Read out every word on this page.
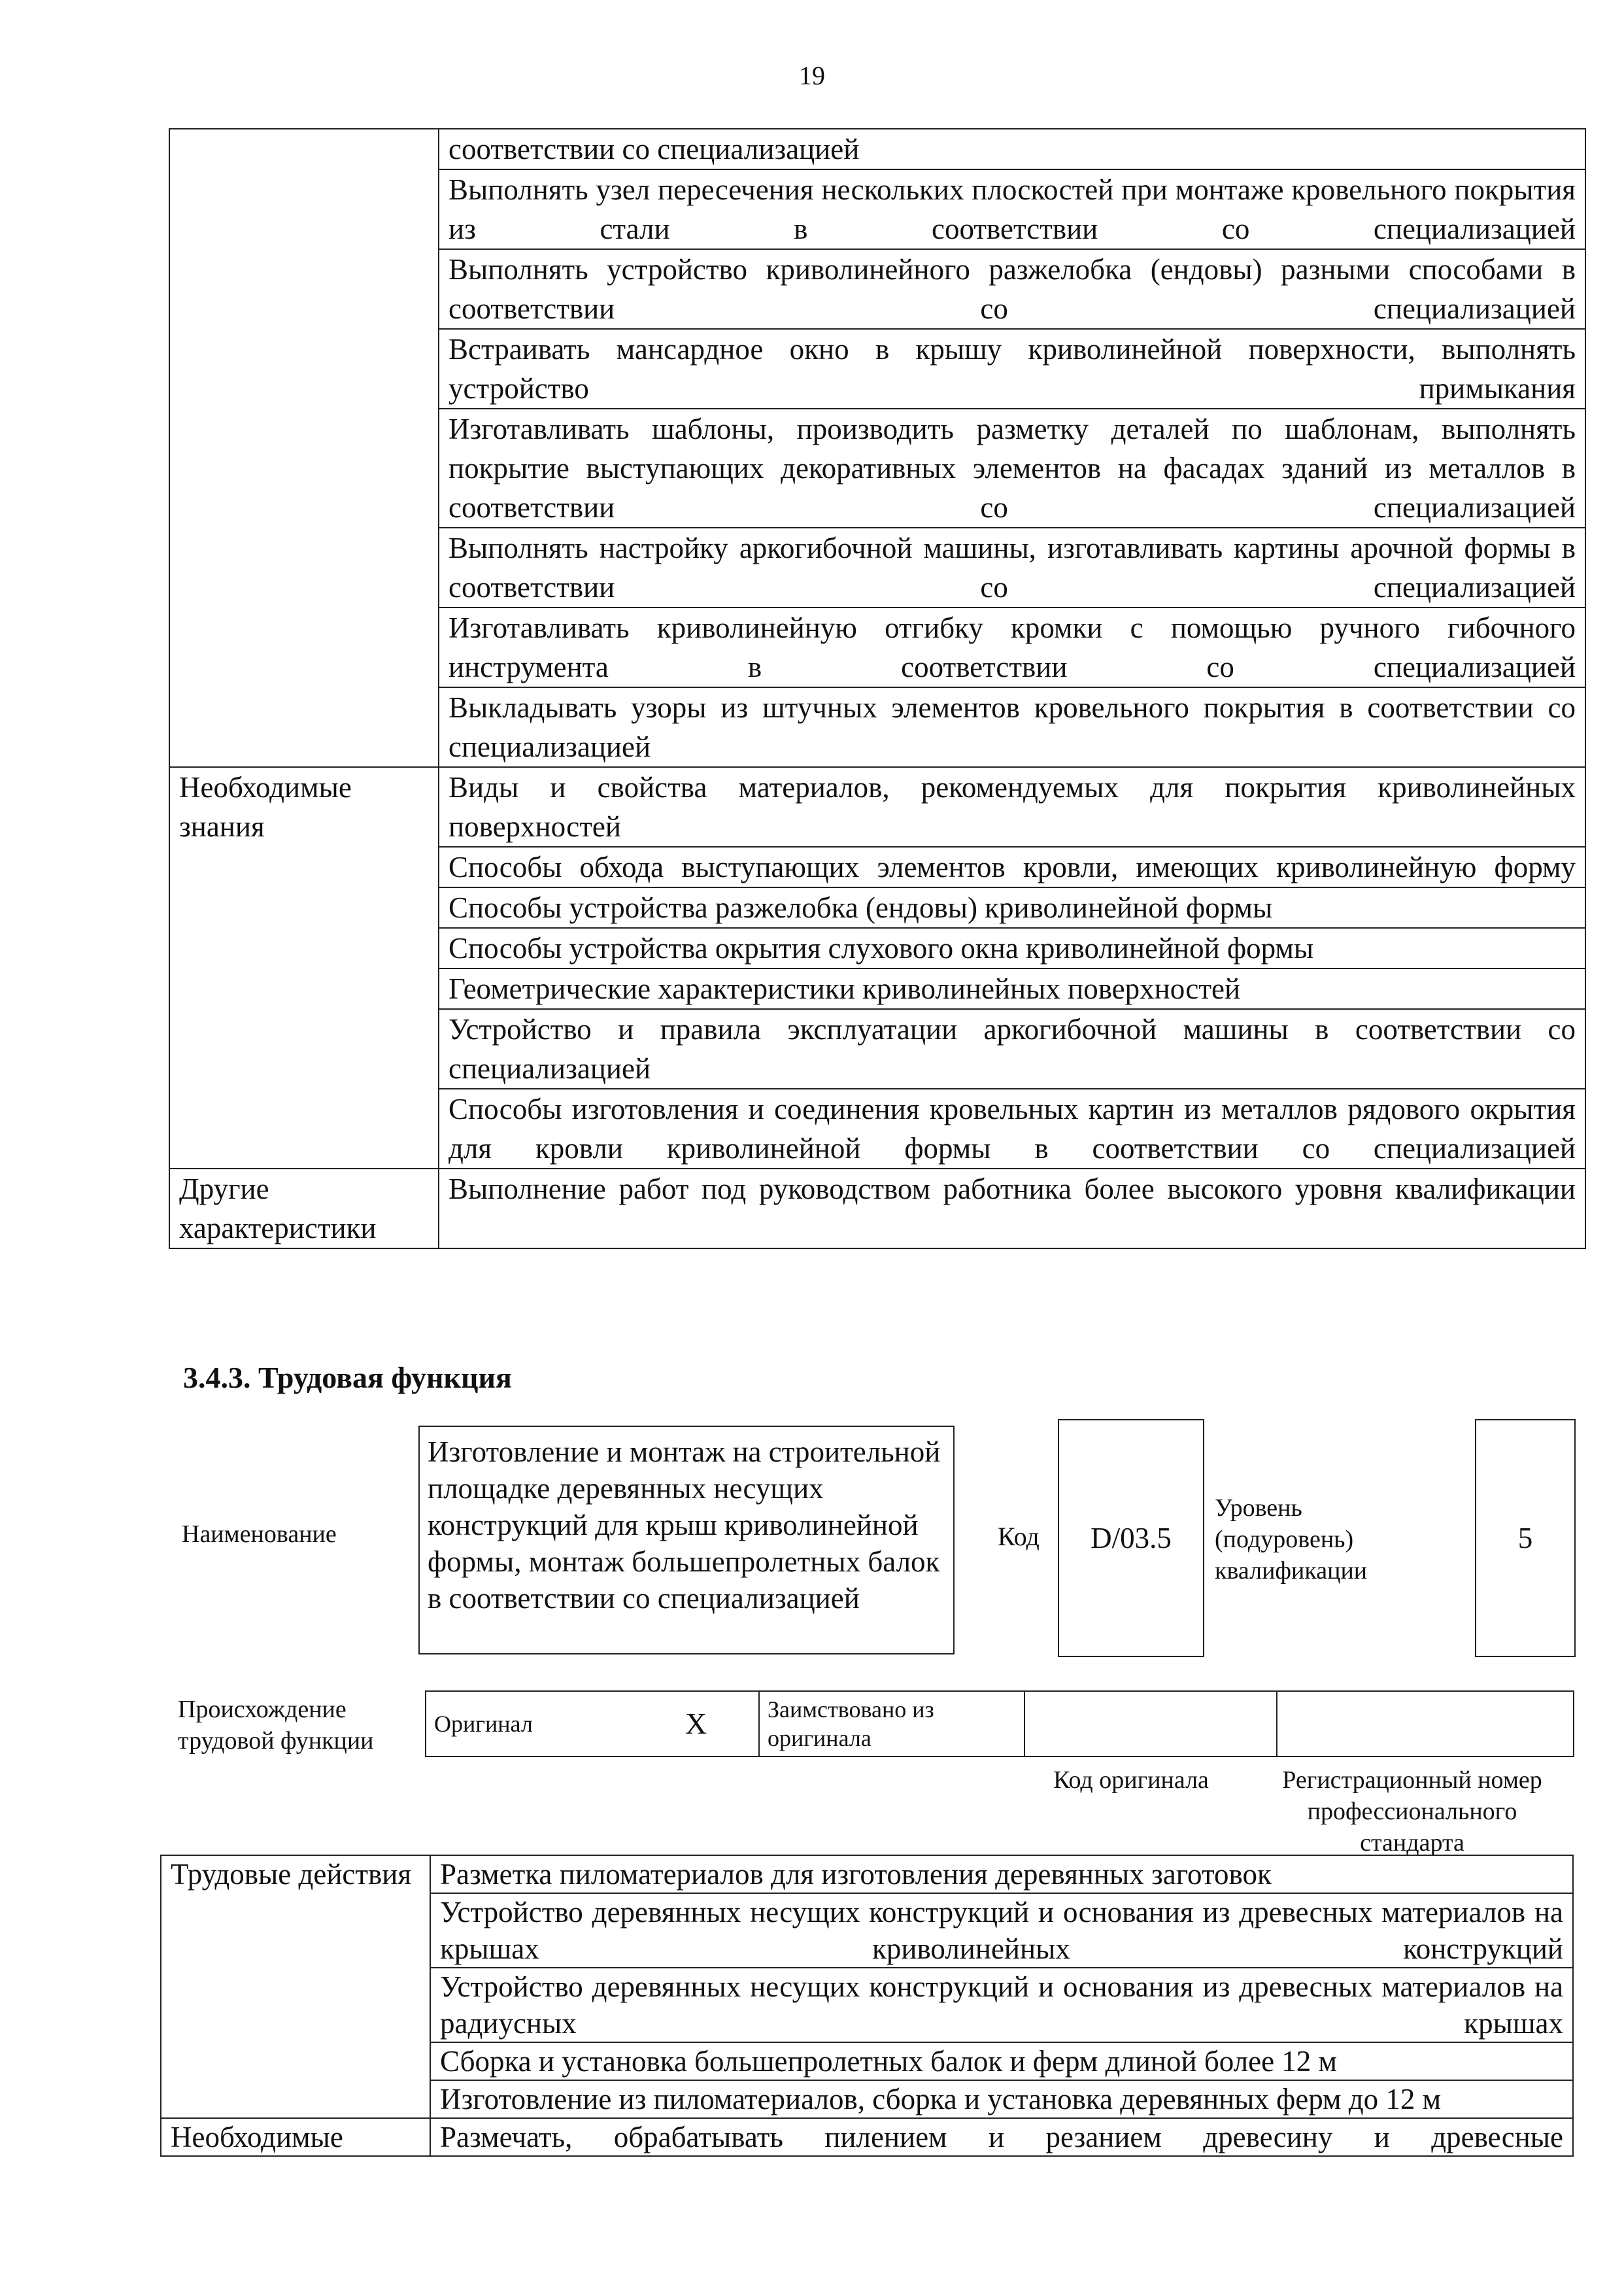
19
	соответствии со специализацией
	Выполнять узел пересечения нескольких плоскостей при монтаже кровельного покрытия из стали в соответствии со специализацией
	Выполнять устройство криволинейного разжелобка (ендовы) разными способами в соответствии со специализацией
	Встраивать мансардное окно в крышу криволинейной поверхности, выполнять устройство примыкания
	Изготавливать шаблоны, производить разметку деталей по шаблонам, выполнять покрытие выступающих декоративных элементов на фасадах зданий из металлов в соответствии со специализацией
	Выполнять настройку аркогибочной машины, изготавливать картины арочной формы в соответствии со специализацией
	Изготавливать криволинейную отгибку кромки с помощью ручного гибочного инструмента в соответствии со специализацией
	Выкладывать узоры из штучных элементов кровельного покрытия в соответствии со специализацией
Необходимые знания	Виды и свойства материалов, рекомендуемых для покрытия криволинейных поверхностей
	Способы обхода выступающих элементов кровли, имеющих криволинейную форму
	Способы устройства разжелобка (ендовы) криволинейной формы
	Способы устройства окрытия слухового окна криволинейной формы
	Геометрические характеристики криволинейных поверхностей
	Устройство и правила эксплуатации аркогибочной машины в соответствии со специализацией
	Способы изготовления и соединения кровельных картин из металлов рядового окрытия для кровли криволинейной формы в соответствии со специализацией
Другие характеристики	Выполнение работ под руководством работника более высокого уровня квалификации
3.4.3. Трудовая функция
Наименование
Изготовление и монтаж на строительной площадке деревянных несущих конструкций для крыш криволинейной формы, монтаж большепролетных балок в соответствии со специализацией
Код	D/03.5
Уровень (подуровень) квалификации
5
Происхождение трудовой функции
Оригинал	X	Заимствовано из оригинала		
Код оригинала	Регистрационный номер профессионального стандарта
Трудовые действия	Разметка пиломатериалов для изготовления деревянных заготовок
	Устройство деревянных несущих конструкций и основания из древесных материалов на крышах криволинейных конструкций
	Устройство деревянных несущих конструкций и основания из древесных материалов на радиусных крышах
	Сборка и установка большепролетных балок и ферм длиной более 12 м
	Изготовление из пиломатериалов, сборка и установка деревянных ферм до 12 м
Необходимые	Размечать, обрабатывать пилением и резанием древесину и древесные
